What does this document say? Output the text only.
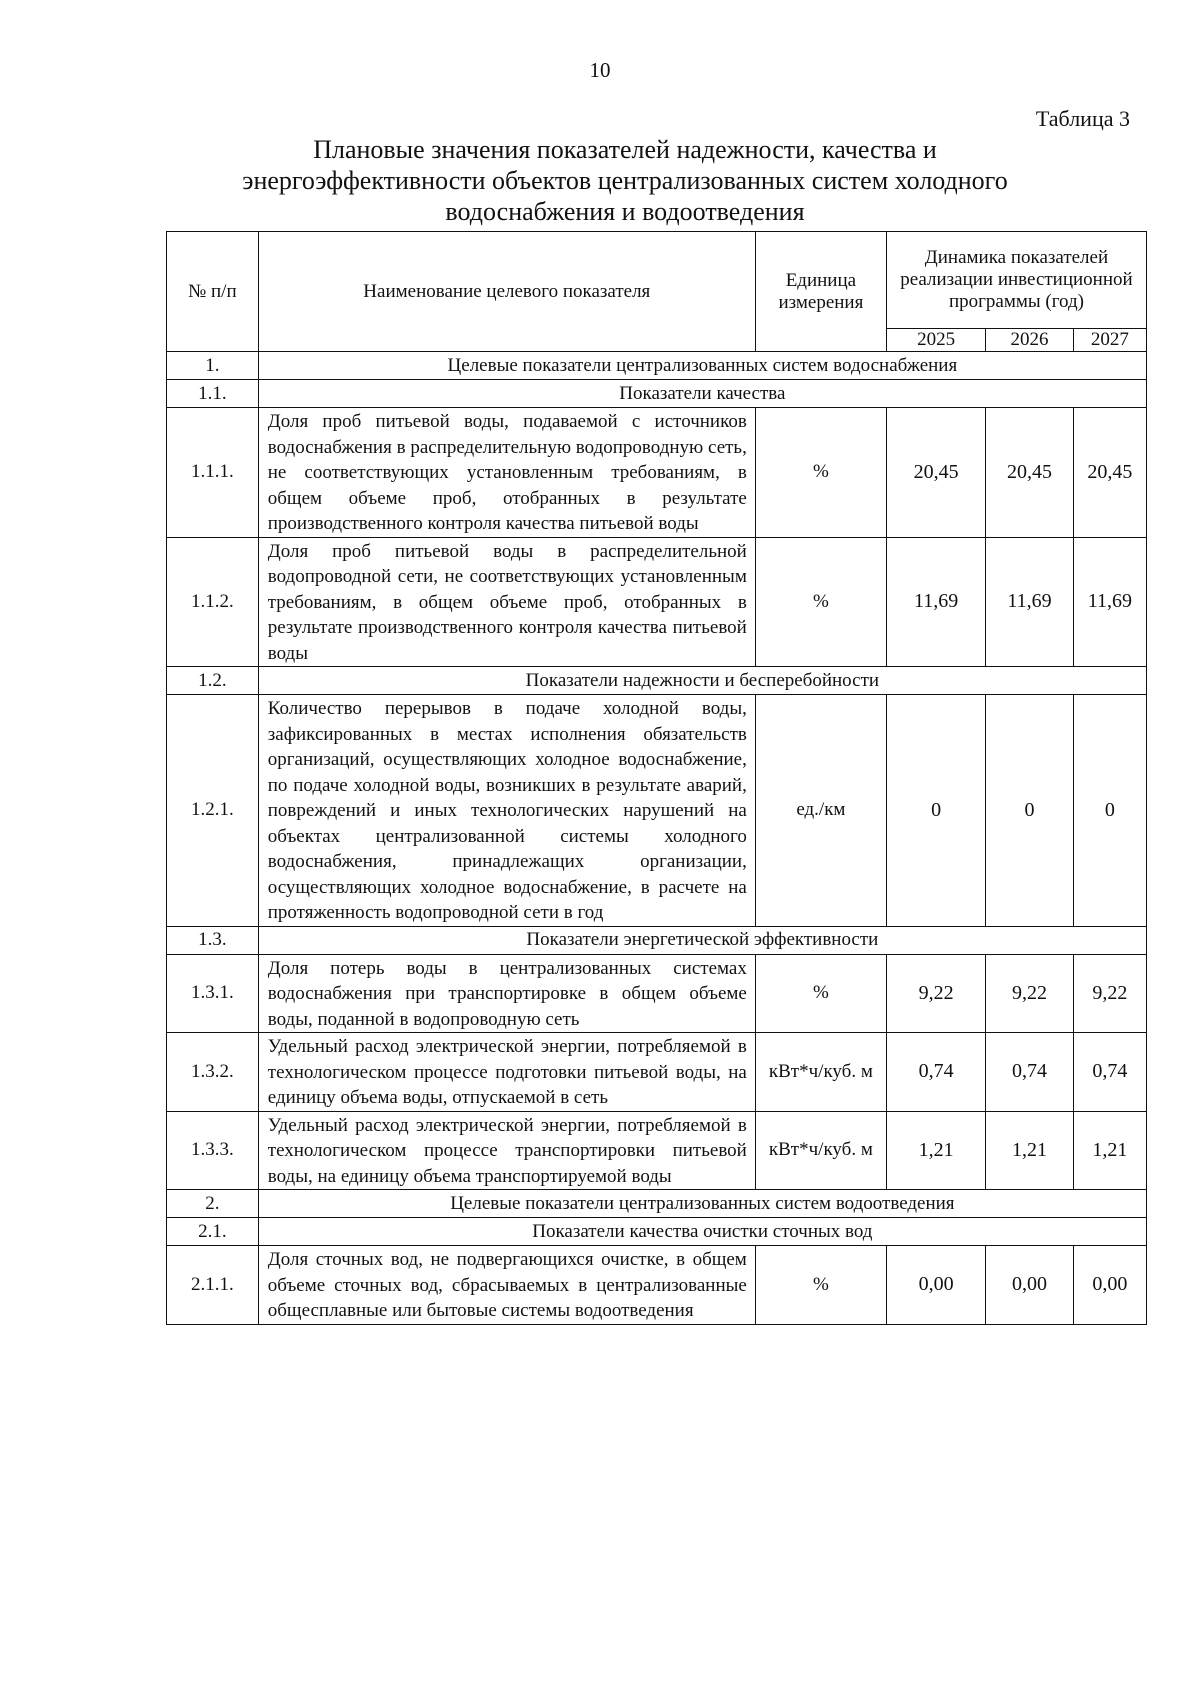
10
Таблица 3
Плановые значения показателей надежности, качества и энергоэффективности объектов централизованных систем холодного водоснабжения и водоотведения
№ п/п	Наименование целевого показателя	Единица измерения	Динамика показателей реализации инвестиционной программы (год)		
			2025	2026	2027
1.	Целевые показатели централизованных систем водоснабжения				
1.1.	Показатели качества				
1.1.1.	Доля проб питьевой воды, подаваемой с источников водоснабжения в распределительную водопроводную сеть, не соответствующих установленным требованиям, в общем объеме проб, отобранных в результате производственного контроля качества питьевой воды	%	20,45	20,45	20,45
1.1.2.	Доля проб питьевой воды в распределительной водопроводной сети, не соответствующих установленным требованиям, в общем объеме проб, отобранных в результате производственного контроля качества питьевой воды	%	11,69	11,69	11,69
1.2.	Показатели надежности и бесперебойности				
1.2.1.	Количество перерывов в подаче холодной воды, зафиксированных в местах исполнения обязательств организаций, осуществляющих холодное водоснабжение, по подаче холодной воды, возникших в результате аварий, повреждений и иных технологических нарушений на объектах централизованной системы холодного водоснабжения, принадлежащих организации, осуществляющих холодное водоснабжение, в расчете на протяженность водопроводной сети в год	ед./км	0	0	0
1.3.	Показатели энергетической эффективности				
1.3.1.	Доля потерь воды в централизованных системах водоснабжения при транспортировке в общем объеме воды, поданной в водопроводную сеть	%	9,22	9,22	9,22
1.3.2.	Удельный расход электрической энергии, потребляемой в технологическом процессе подготовки питьевой воды, на единицу объема воды, отпускаемой в сеть	кВт*ч/куб. м	0,74	0,74	0,74
1.3.3.	Удельный расход электрической энергии, потребляемой в технологическом процессе транспортировки питьевой воды, на единицу объема транспортируемой воды	кВт*ч/куб. м	1,21	1,21	1,21
2.	Целевые показатели централизованных систем водоотведения				
2.1.	Показатели качества очистки сточных вод				
2.1.1.	Доля сточных вод, не подвергающихся очистке, в общем объеме сточных вод, сбрасываемых в централизованные общесплавные или бытовые системы водоотведения	%	0,00	0,00	0,00
